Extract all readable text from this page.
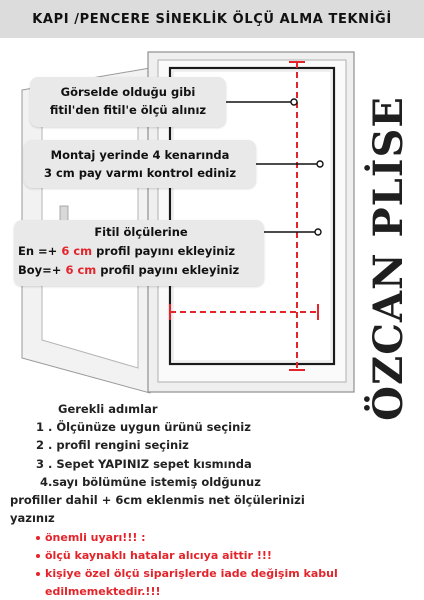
KAPI /PENCERE SİNEKLİK ÖLÇÜ ALMA TEKNİĞİ
Görselde olduğu gibi
fitil'den fitil'e ölçü alınız
Montaj yerinde 4 kenarında
3 cm pay varmı kontrol ediniz
Fitil ölçülerine
En =+ 6 cm profil payını ekleyiniz
Boy=+ 6 cm profil payını ekleyiniz	ÖZCAN PLİSE
Gerekli adımlar
1 . Ölçünüze uygun ürünü seçiniz
2 . profil rengini seçiniz
3 . Sepet YAPINIZ sepet kısmında
4.sayı bölümüne istemiş oldğunuz
profiller dahil + 6cm eklenmis net ölçülerinizi
yazınız
önemli uyarı!!! :
ölçü kaynaklı hatalar alıcıya aittir !!!
kişiye özel ölçü siparişlerde iade değişim kabul
edilmemektedir.!!!
